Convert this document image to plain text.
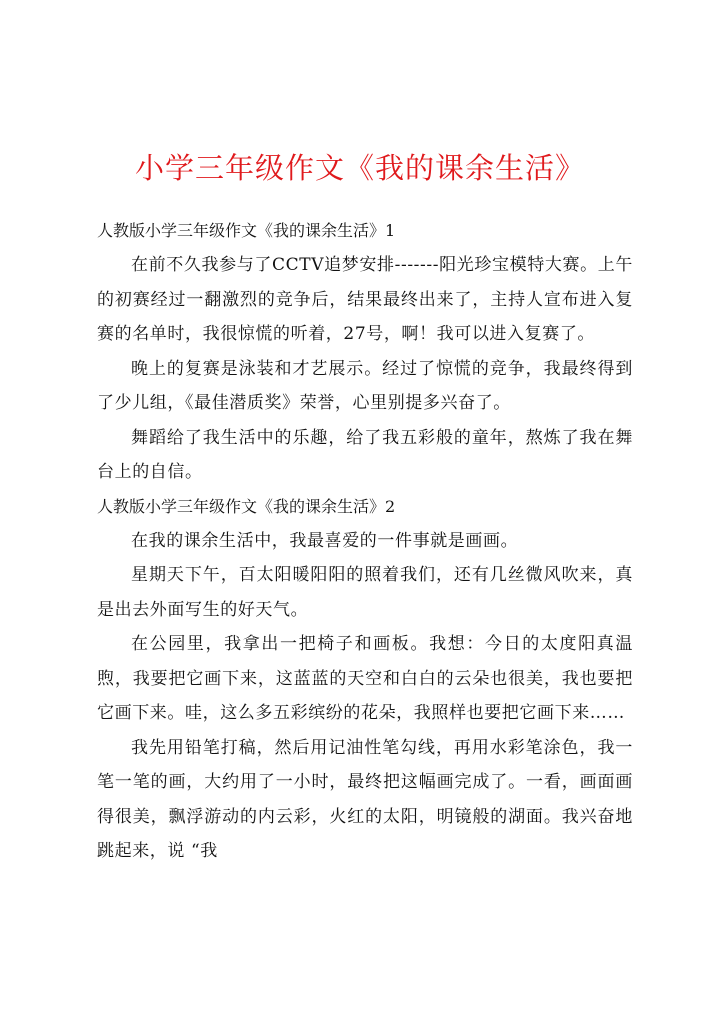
小学三年级作文《我的课余生活》

人教版小学三年级作文《我的课余生活》1

在前不久我参与了CCTV追梦安排-------阳光珍宝模特大赛。上午的初赛经过一翻激烈的竞争后，结果最终出来了，主持人宣布进入复赛的名单时，我很惊慌的听着，27号，啊！我可以进入复赛了。

晚上的复赛是泳装和才艺展示。经过了惊慌的竞争，我最终得到了少儿组，《最佳潜质奖》荣誉，心里别提多兴奋了。

舞蹈给了我生活中的乐趣，给了我五彩般的童年，熬炼了我在舞台上的自信。

人教版小学三年级作文《我的课余生活》2

在我的课余生活中，我最喜爱的一件事就是画画。

星期天下午，百太阳暖阳阳的照着我们，还有几丝微风吹来，真是出去外面写生的好天气。

在公园里，我拿出一把椅子和画板。我想：今日的太度阳真温煦，我要把它画下来，这蓝蓝的天空和白白的云朵也很美，我也要把它画下来。哇，这么多五彩缤纷的花朵，我照样也要把它画下来……

我先用铅笔打稿，然后用记油性笔勾线，再用水彩笔涂色，我一笔一笔的画，大约用了一小时，最终把这幅画完成了。一看，画面画得很美，飘浮游动的内云彩，火红的太阳，明镜般的湖面。我兴奋地跳起来，说 “我
